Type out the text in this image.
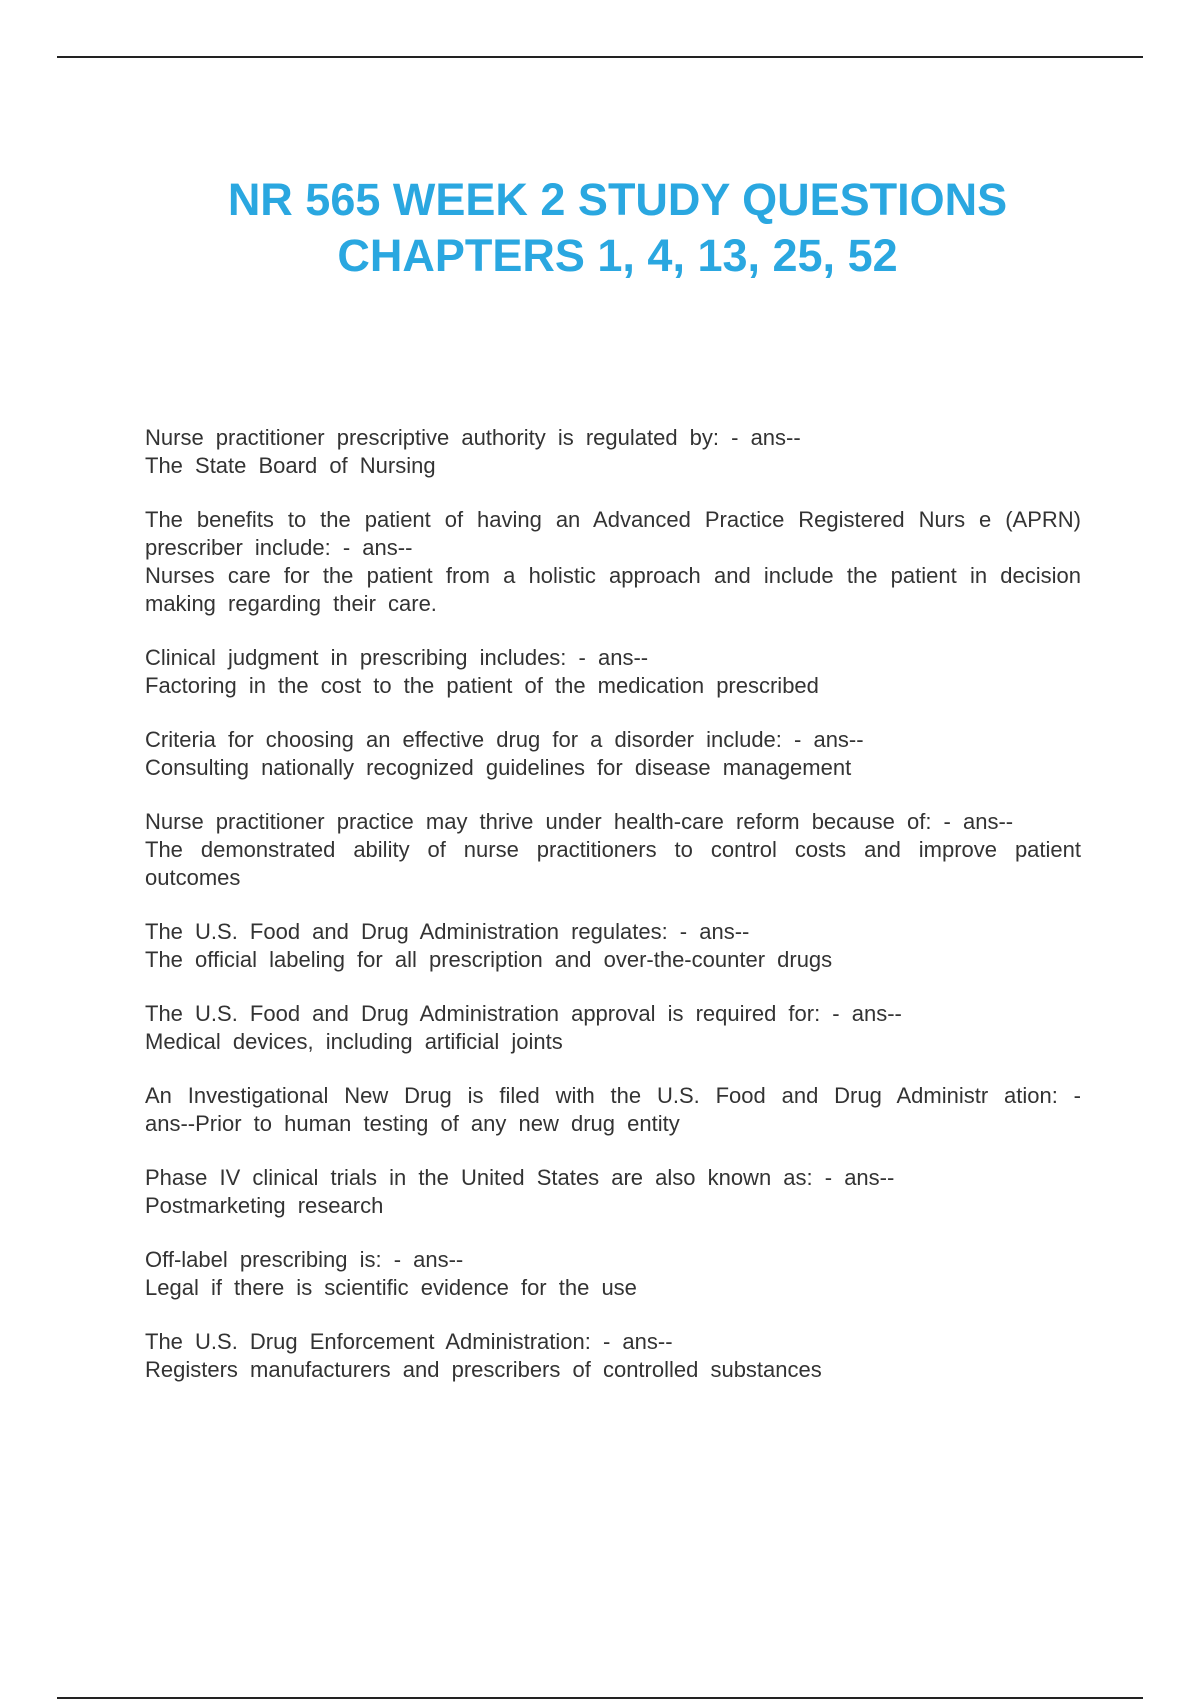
NR 565 WEEK 2 STUDY QUESTIONS
CHAPTERS 1, 4, 13, 25, 52
Nurse practitioner prescriptive authority is regulated by: - ans--
The State Board of Nursing
The benefits to the patient of having an Advanced Practice Registered Nurs e (APRN) prescriber include: - ans--
Nurses care for the patient from a holistic approach and include the patient in decision making regarding their care.
Clinical judgment in prescribing includes: - ans--
Factoring in the cost to the patient of the medication prescribed
Criteria for choosing an effective drug for a disorder include: - ans--
Consulting nationally recognized guidelines for disease management
Nurse practitioner practice may thrive under health-care reform because of: - ans--
The demonstrated ability of nurse practitioners to control costs and improve patient outcomes
The U.S. Food and Drug Administration regulates: - ans--
The official labeling for all prescription and over-the-counter drugs
The U.S. Food and Drug Administration approval is required for: - ans--
Medical devices, including artificial joints
An Investigational New Drug is filed with the U.S. Food and Drug Administr ation: - ans--Prior to human testing of any new drug entity
Phase IV clinical trials in the United States are also known as: - ans--
Postmarketing research
Off-label prescribing is: - ans--
Legal if there is scientific evidence for the use
The U.S. Drug Enforcement Administration: - ans--
Registers manufacturers and prescribers of controlled substances
